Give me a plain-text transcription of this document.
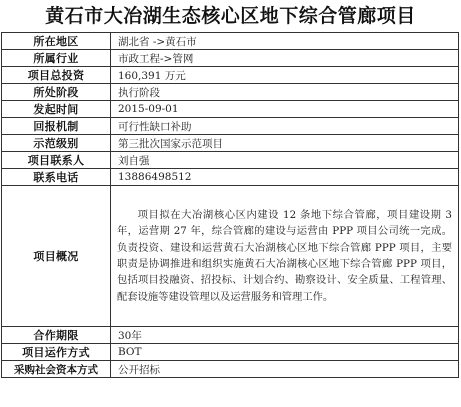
黄石市大冶湖生态核心区地下综合管廊项目
所在地区	湖北省 ->黄石市
所属行业	市政工程->管网
项目总投资	160,391 万元
所处阶段	执行阶段
发起时间	2015-09-01
回报机制	可行性缺口补助
示范级别	第三批次国家示范项目
项目联系人	刘自强
联系电话	13886498512
项目概况	项目拟在大冶湖核心区内建设 12 条地下综合管廊，项目建设期 3 年，运营期 27 年，综合管廊的建设与运营由 PPP 项目公司统一完成。负责投资、建设和运营黄石大冶湖核心区地下综合管廊 PPP 项目，主要职责是协调推进和组织实施黄石大冶湖核心区地下综合管廊 PPP 项目，包括项目投融资、招投标、计划合约、勘察设计、安全质量、工程管理、配套设施等建设管理以及运营服务和管理工作。
合作期限	30年
项目运作方式	BOT
采购社会资本方式	公开招标
